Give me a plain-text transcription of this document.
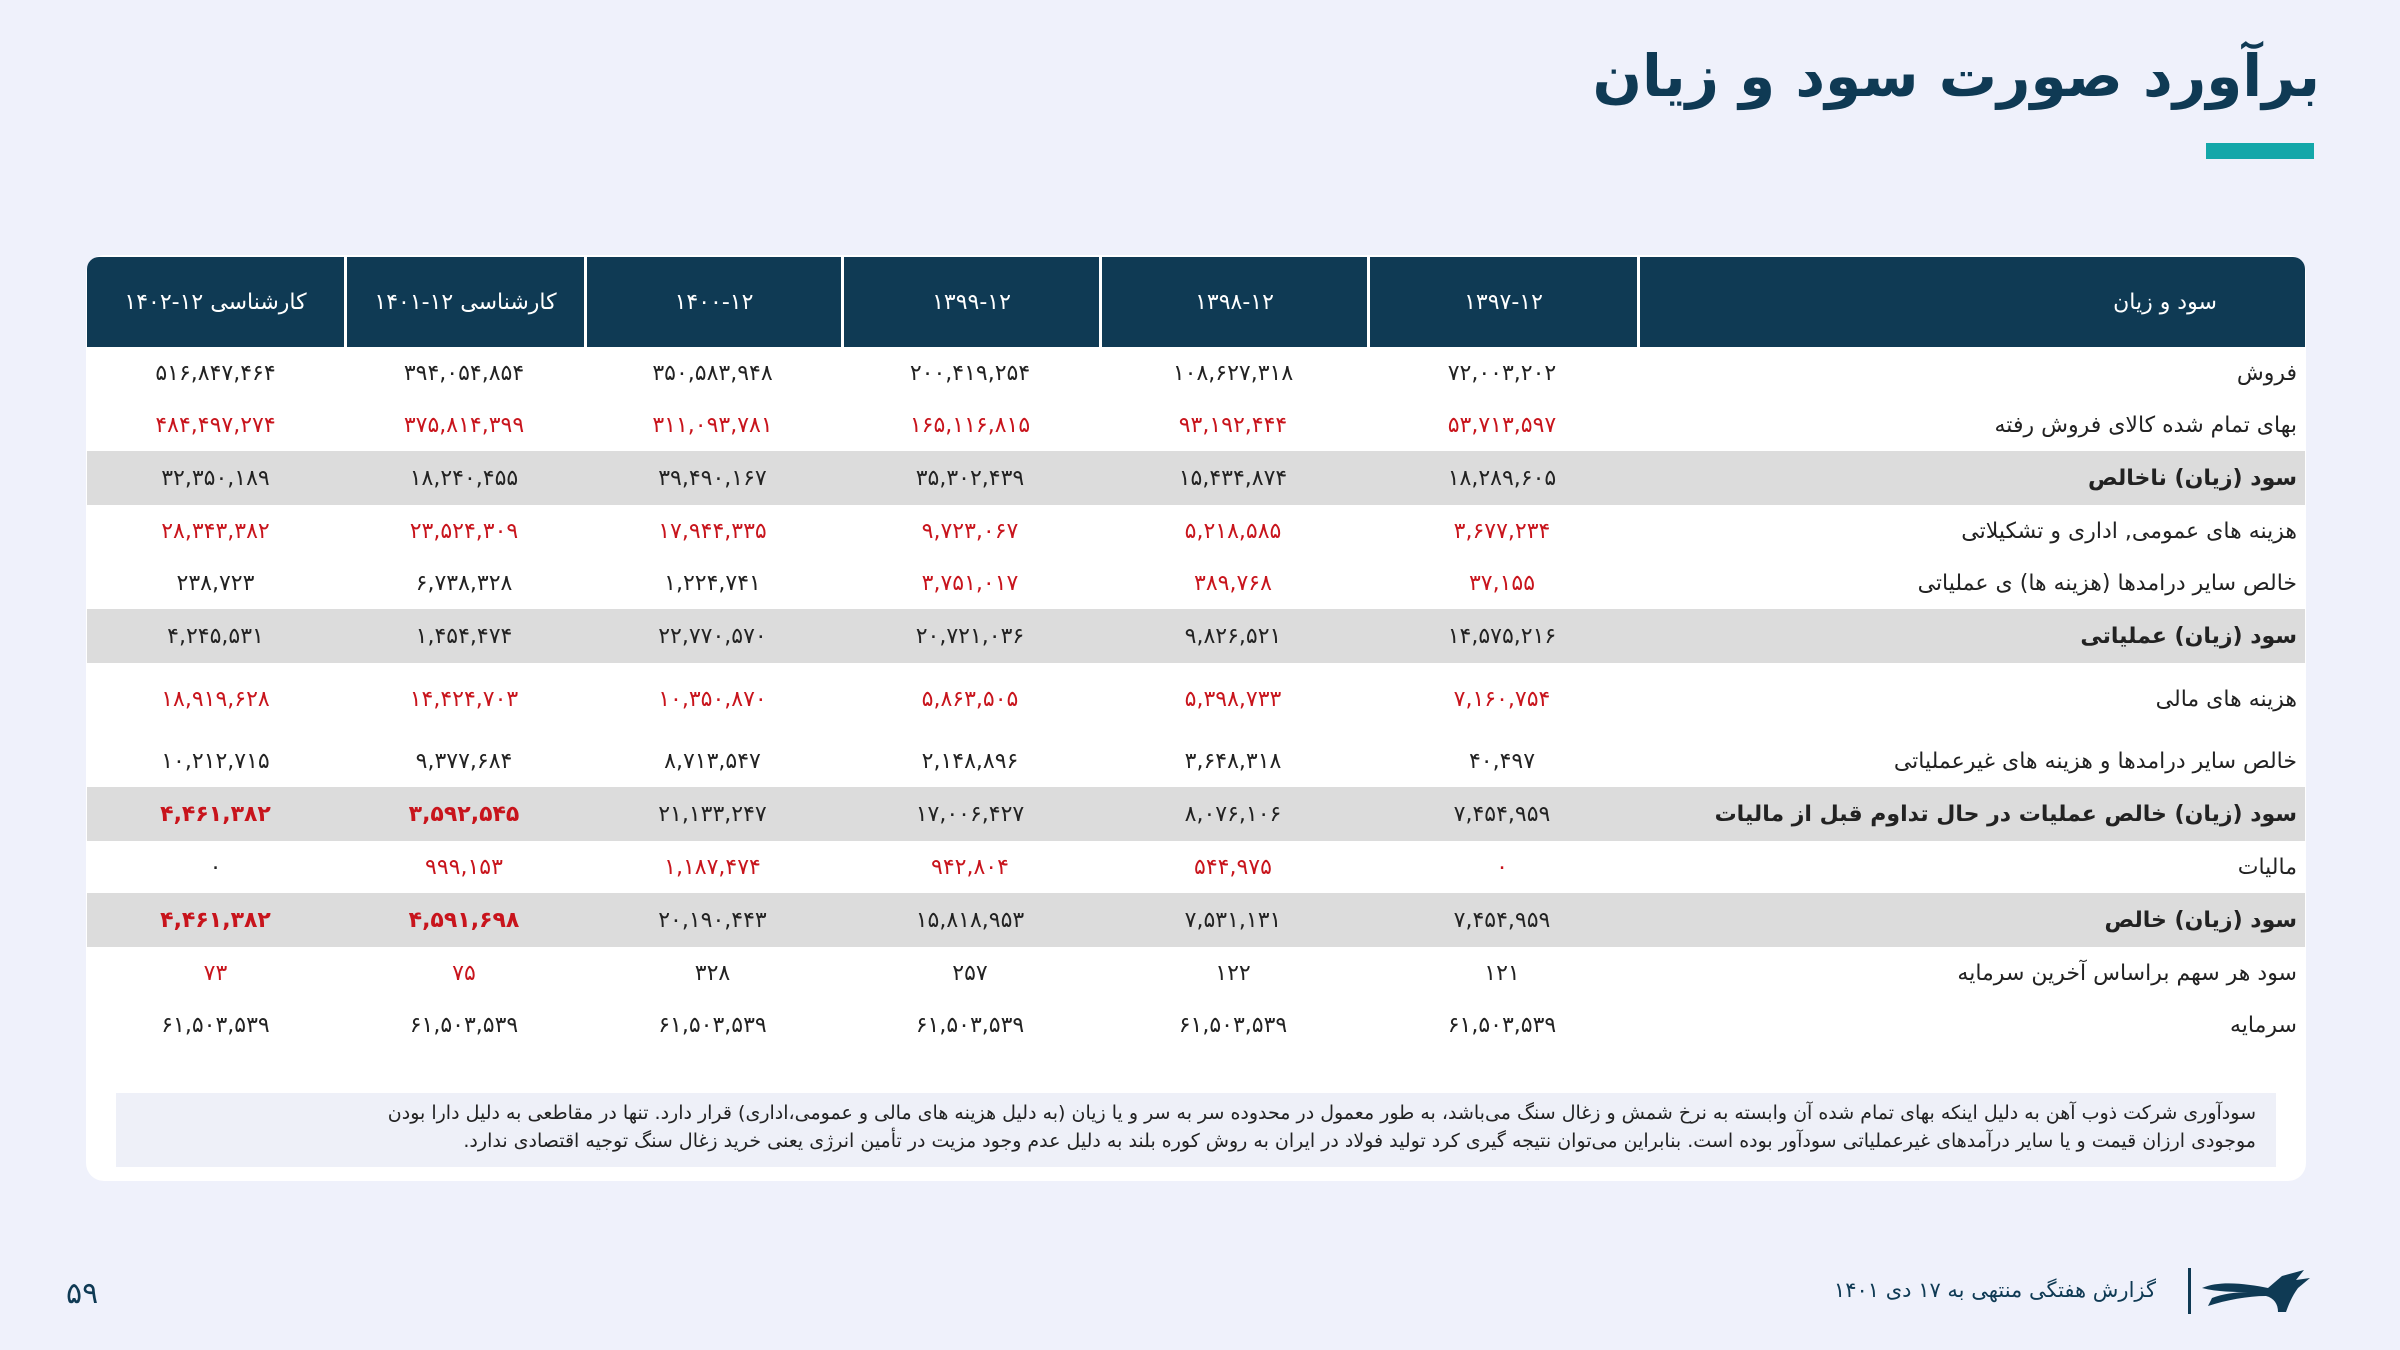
برآورد صورت سود و زیان
سود و زیان	۱۳۹۷-۱۲	۱۳۹۸-۱۲	۱۳۹۹-۱۲	۱۴۰۰-۱۲	کارشناسی ۱۲-۱۴۰۱	کارشناسی ۱۲-۱۴۰۲
فروش	۷۲,۰۰۳,۲۰۲	۱۰۸,۶۲۷,۳۱۸	۲۰۰,۴۱۹,۲۵۴	۳۵۰,۵۸۳,۹۴۸	۳۹۴,۰۵۴,۸۵۴	۵۱۶,۸۴۷,۴۶۴
بهای تمام شده کالای فروش رفته	۵۳,۷۱۳,۵۹۷	۹۳,۱۹۲,۴۴۴	۱۶۵,۱۱۶,۸۱۵	۳۱۱,۰۹۳,۷۸۱	۳۷۵,۸۱۴,۳۹۹	۴۸۴,۴۹۷,۲۷۴
سود (زیان) ناخالص	۱۸,۲۸۹,۶۰۵	۱۵,۴۳۴,۸۷۴	۳۵,۳۰۲,۴۳۹	۳۹,۴۹۰,۱۶۷	۱۸,۲۴۰,۴۵۵	۳۲,۳۵۰,۱۸۹
هزینه های عمومی, اداری و تشکیلاتی	۳,۶۷۷,۲۳۴	۵,۲۱۸,۵۸۵	۹,۷۲۳,۰۶۷	۱۷,۹۴۴,۳۳۵	۲۳,۵۲۴,۳۰۹	۲۸,۳۴۳,۳۸۲
خالص سایر درامدها (هزینه ها) ی عملیاتی	۳۷,۱۵۵	۳۸۹,۷۶۸	۳,۷۵۱,۰۱۷	۱,۲۲۴,۷۴۱	۶,۷۳۸,۳۲۸	۲۳۸,۷۲۳
سود (زیان) عملیاتی	۱۴,۵۷۵,۲۱۶	۹,۸۲۶,۵۲۱	۲۰,۷۲۱,۰۳۶	۲۲,۷۷۰,۵۷۰	۱,۴۵۴,۴۷۴	۴,۲۴۵,۵۳۱
هزینه های مالی	۷,۱۶۰,۷۵۴	۵,۳۹۸,۷۳۳	۵,۸۶۳,۵۰۵	۱۰,۳۵۰,۸۷۰	۱۴,۴۲۴,۷۰۳	۱۸,۹۱۹,۶۲۸
خالص سایر درامدها و هزینه های غیرعملیاتی	۴۰,۴۹۷	۳,۶۴۸,۳۱۸	۲,۱۴۸,۸۹۶	۸,۷۱۳,۵۴۷	۹,۳۷۷,۶۸۴	۱۰,۲۱۲,۷۱۵
سود (زیان) خالص عملیات در حال تداوم قبل از مالیات	۷,۴۵۴,۹۵۹	۸,۰۷۶,۱۰۶	۱۷,۰۰۶,۴۲۷	۲۱,۱۳۳,۲۴۷	۳,۵۹۲,۵۴۵	۴,۴۶۱,۳۸۲
مالیات	۰	۵۴۴,۹۷۵	۹۴۲,۸۰۴	۱,۱۸۷,۴۷۴	۹۹۹,۱۵۳	۰
سود (زیان) خالص	۷,۴۵۴,۹۵۹	۷,۵۳۱,۱۳۱	۱۵,۸۱۸,۹۵۳	۲۰,۱۹۰,۴۴۳	۴,۵۹۱,۶۹۸	۴,۴۶۱,۳۸۲
سود هر سهم براساس آخرین سرمایه	۱۲۱	۱۲۲	۲۵۷	۳۲۸	۷۵	۷۳
سرمایه	۶۱,۵۰۳,۵۳۹	۶۱,۵۰۳,۵۳۹	۶۱,۵۰۳,۵۳۹	۶۱,۵۰۳,۵۳۹	۶۱,۵۰۳,۵۳۹	۶۱,۵۰۳,۵۳۹
سودآوری شرکت ذوب آهن به دلیل اینکه بهای تمام شده آن وابسته به نرخ شمش و زغال سنگ می‌باشد، به طور معمول در محدوده سر به سر و یا زیان (به دلیل هزینه های مالی و عمومی،اداری) قرار دارد. تنها در مقاطعی به دلیل دارا بودن
موجودی ارزان قیمت و یا سایر درآمدهای غیرعملیاتی سودآور بوده است. بنابراین می‌توان نتیجه گیری کرد تولید فولاد در ایران به روش کوره بلند به دلیل عدم وجود مزیت در تأمین انرژی یعنی خرید زغال سنگ توجیه اقتصادی ندارد.
گزارش هفتگی منتهی به ۱۷ دی ۱۴۰۱
۵۹
